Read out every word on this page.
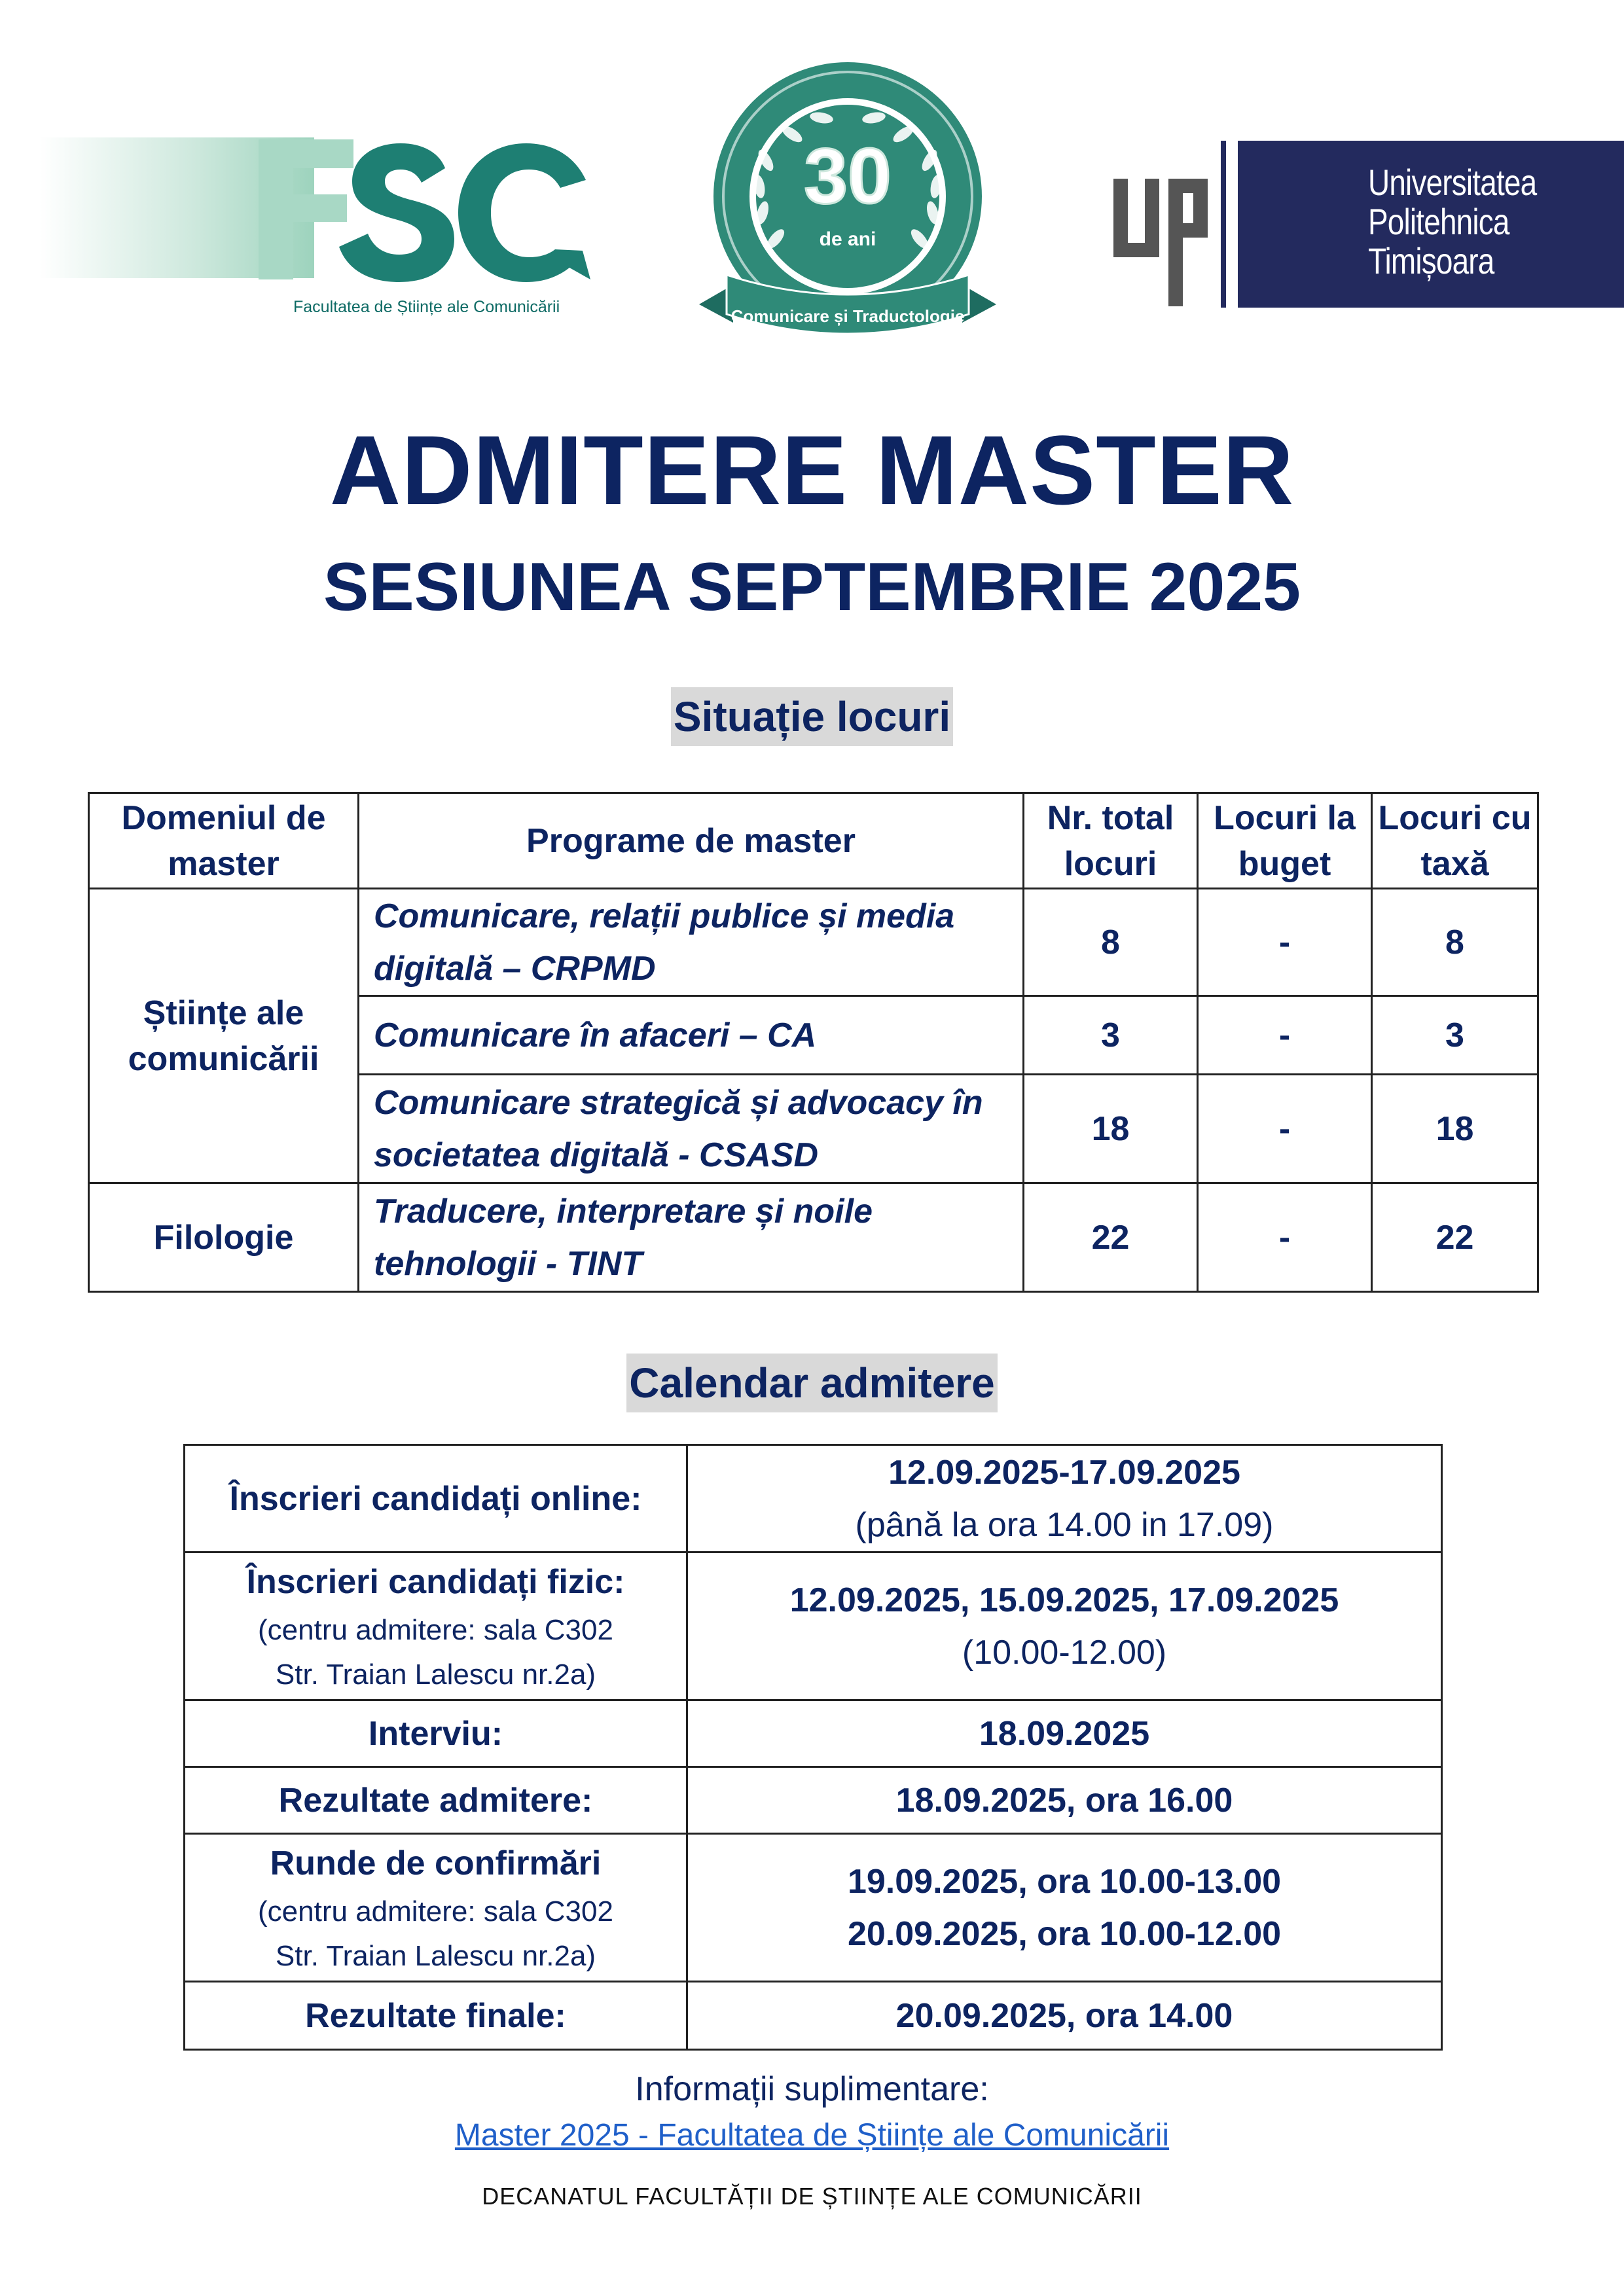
Facultatea de Științe ale Comunicării
30
de ani
Comunicare și Traductologie
Universitatea
Politehnica
Timișoara
ADMITERE MASTER
SESIUNEA SEPTEMBRIE 2025
Situație locuri
Domeniul de master	Programe de master	Nr. total locuri	Locuri la buget	Locuri cu taxă
Științe ale comunicării	Comunicare, relații publice și media digitală – CRPMD	8	-	8
	Comunicare în afaceri – CA	3	-	3
	Comunicare strategică și advocacy în societatea digitală - CSASD	18	-	18
Filologie	Traducere, interpretare și noile tehnologii - TINT	22	-	22
Calendar admitere
Înscrieri candidați online:	12.09.2025-17.09.2025
(până la ora 14.00 in 17.09)

Înscrieri candidați fizic:
(centru admitere: sala C302
Str. Traian Lalescu nr.2a)	12.09.2025, 15.09.2025, 17.09.2025
(10.00-12.00)

Interviu:	18.09.2025
Rezultate admitere:	18.09.2025, ora 16.00

Runde de confirmări
(centru admitere: sala C302
Str. Traian Lalescu nr.2a)	19.09.2025, ora 10.00-13.00
20.09.2025, ora 10.00-12.00

Rezultate finale:	20.09.2025, ora 14.00
Informații suplimentare:
Master 2025 - Facultatea de Științe ale Comunicării
DECANATUL FACULTĂȚII DE ȘTIINȚE ALE COMUNICĂRII
